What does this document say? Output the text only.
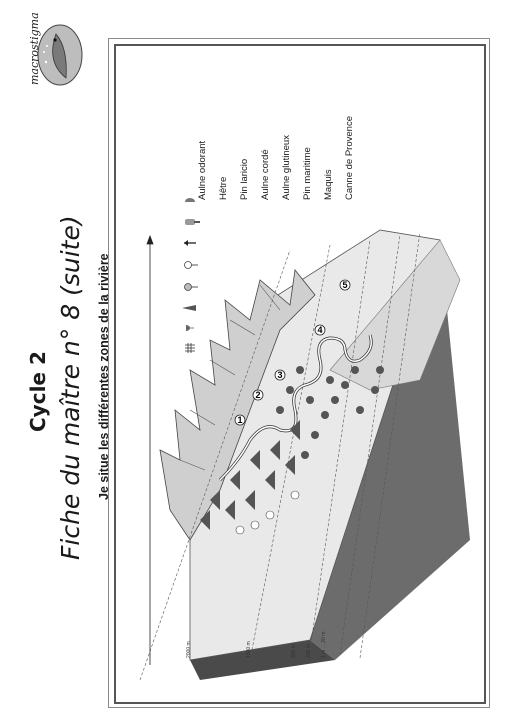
macrostigma
Cycle 2 Fiche du maître n° 8 (suite) Je situe les différentes zones de la rivière
Aulne odorant	Hêtre	Pin laricio	Aulne cordé	Aulne glutineux	Pin maritime	Maquis	Canne de Provence
1
2
3
4
5
2000 m	1500 m	800 m 200 m 1 m ... 20 m
